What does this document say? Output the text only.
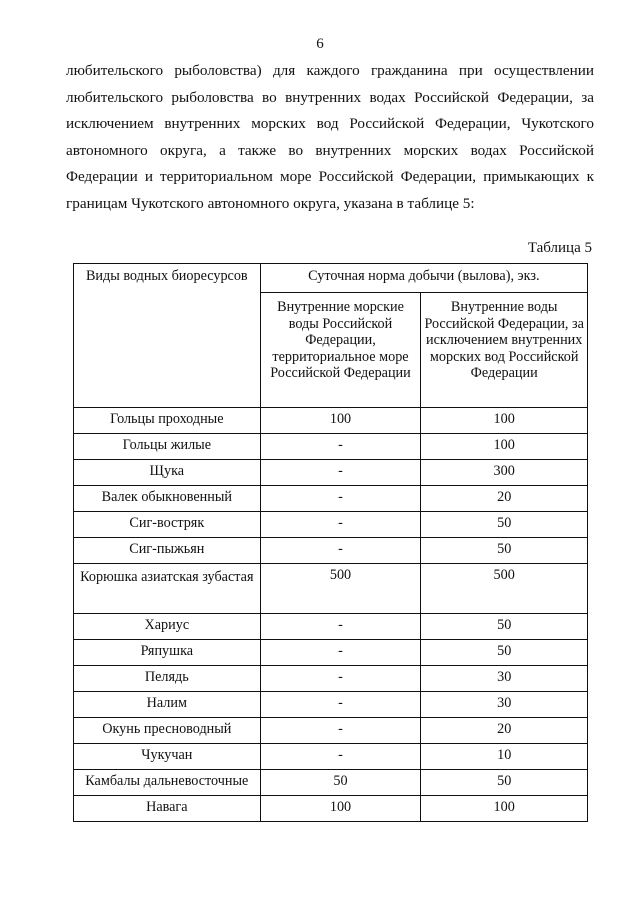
6

любительского рыболовства) для каждого гражданина при осуществлении любительского рыболовства во внутренних водах Российской Федерации, за исключением внутренних морских вод Российской Федерации, Чукотского автономного округа, а также во внутренних морских водах Российской Федерации и территориальном море Российской Федерации, примыкающих к границам Чукотского автономного округа, указана в таблице 5:

Таблица 5
Виды водных биоресурсов	Суточная норма добычи (вылова), экз.	
	Внутренние морские воды Российской Федерации, территориальное море Российской Федерации	Внутренние воды Российской Федерации, за исключением внутренних морских вод Российской Федерации
Гольцы проходные	100	100
Гольцы жилые	-	100
Щука	-	300
Валек обыкновенный	-	20
Сиг-востряк	-	50
Сиг-пыжьян	-	50
Корюшка азиатская зубастая	500	500
Хариус	-	50
Ряпушка	-	50
Пелядь	-	30
Налим	-	30
Окунь пресноводный	-	20
Чукучан	-	10
Камбалы дальневосточные	50	50
Навага	100	100
